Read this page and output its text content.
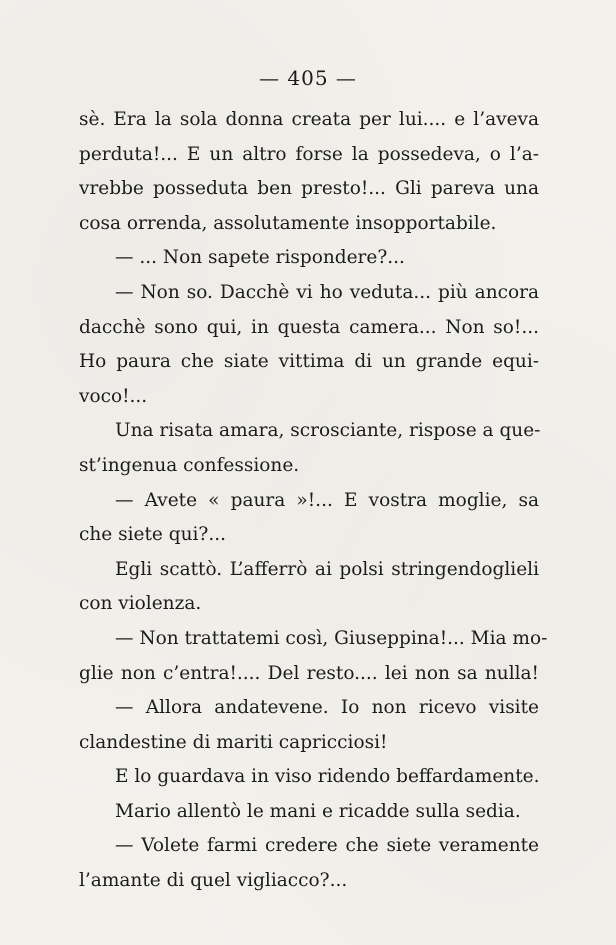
— 405 —
sè. Era la sola donna creata per lui.... e l’aveva
perduta!... E un altro forse la possedeva, o l’a-
vrebbe posseduta ben presto!... Gli pareva una
cosa orrenda, assolutamente insopportabile.
— ... Non sapete rispondere?...
— Non so. Dacchè vi ho veduta... più ancora
dacchè sono qui, in questa camera... Non so!...
Ho paura che siate vittima di un grande equi-
voco!...
Una risata amara, scrosciante, rispose a que-
st’ingenua confessione.
— Avete « paura »!... E vostra moglie, sa
che siete qui?...
Egli scattò. L’afferrò ai polsi stringendoglieli
con violenza.
— Non trattatemi così, Giuseppina!... Mia mo-
glie non c’entra!.... Del resto.... lei non sa nulla!
— Allora andatevene. Io non ricevo visite
clandestine di mariti capricciosi!
E lo guardava in viso ridendo beffardamente.
Mario allentò le mani e ricadde sulla sedia.
— Volete farmi credere che siete veramente
l’amante di quel vigliacco?...
